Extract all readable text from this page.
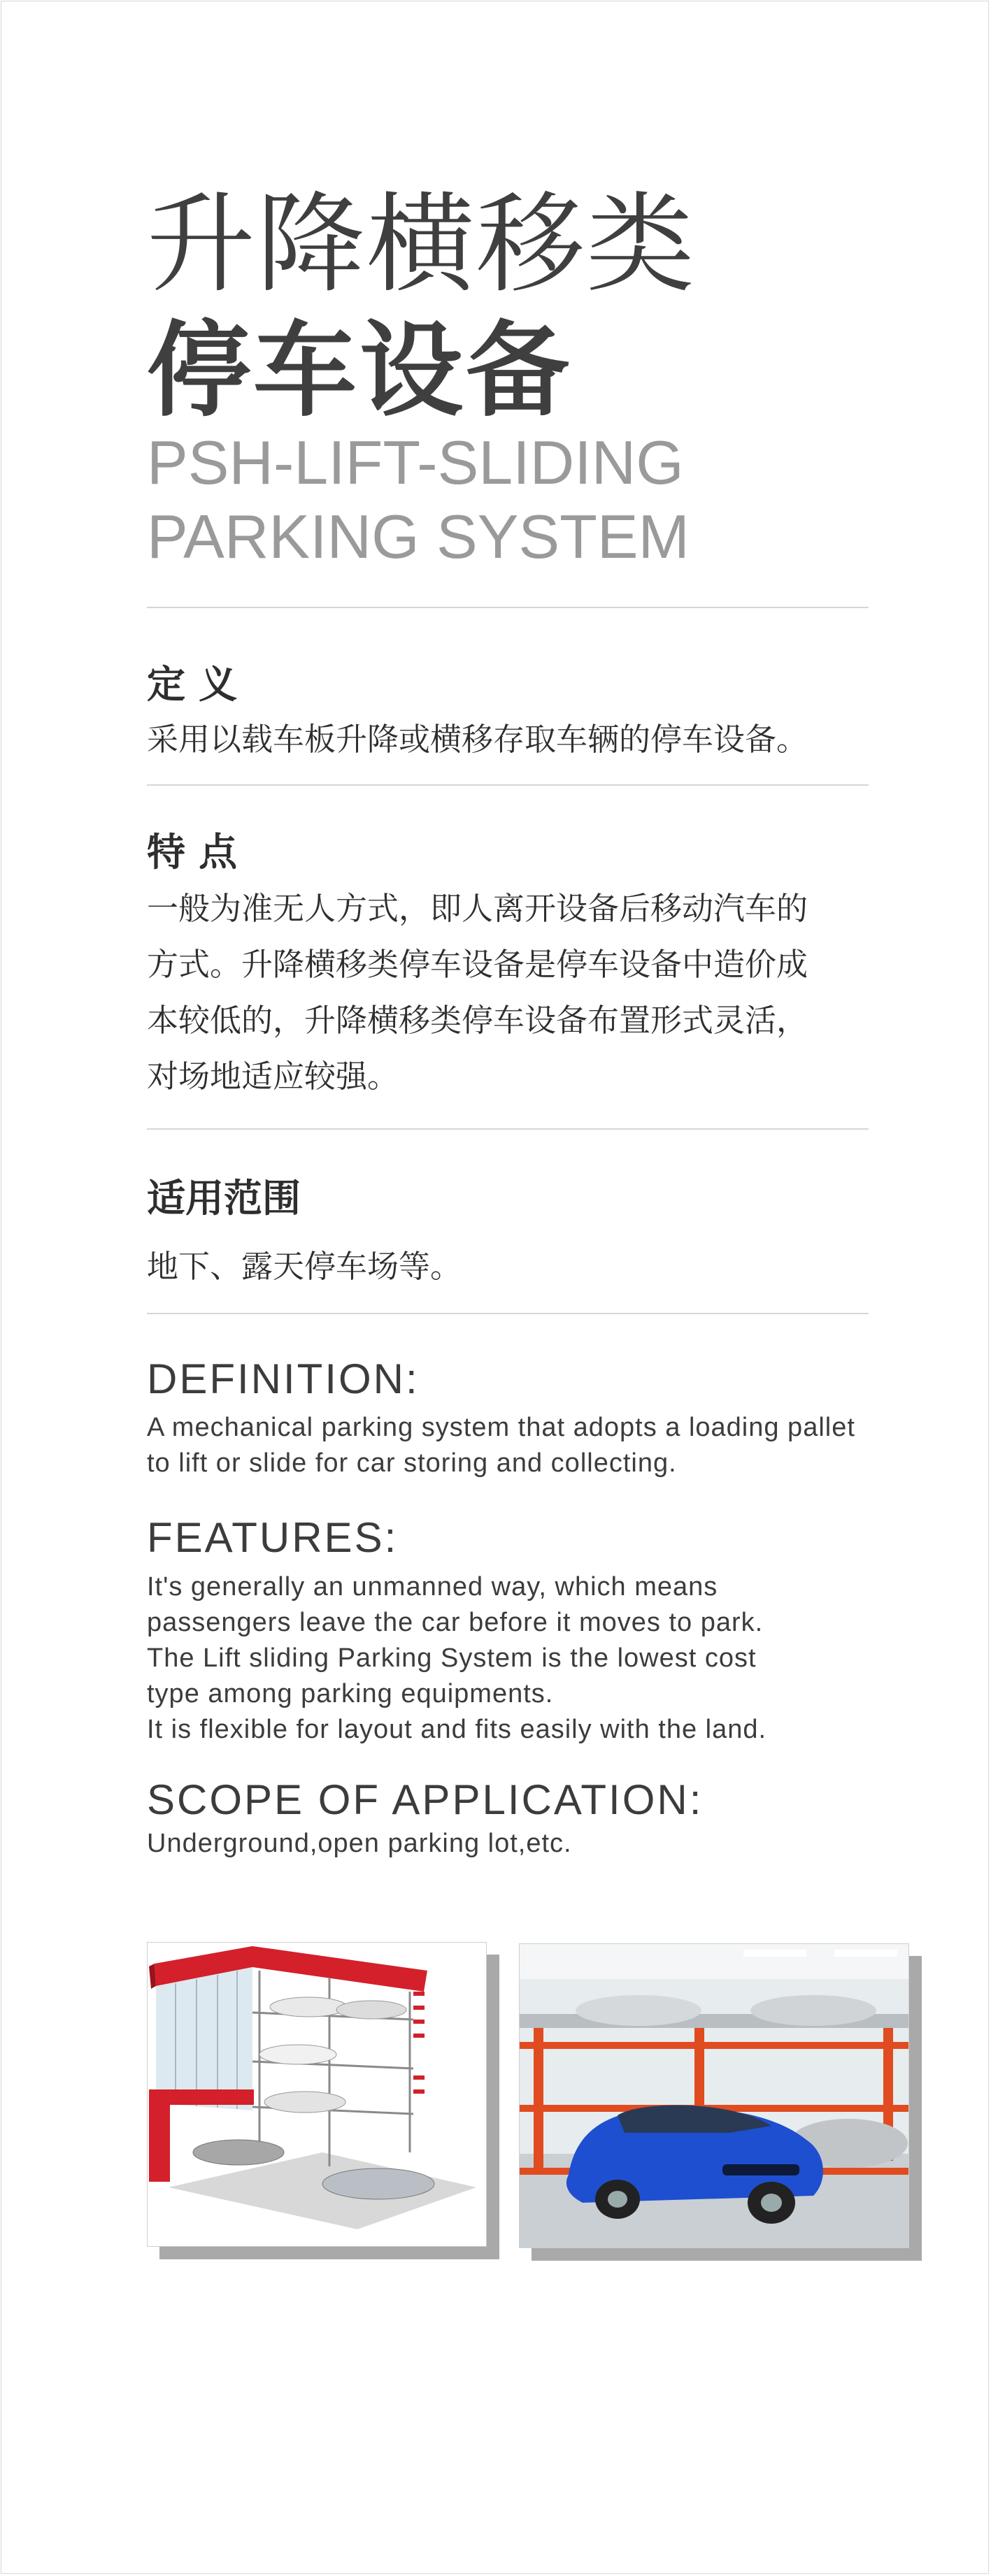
升降横移类
停车设备
PSH-LIFT-SLIDING
PARKING SYSTEM
定 义
采用以载车板升降或横移存取车辆的停车设备。
特 点
一般为准无人方式，即人离开设备后移动汽车的
方式。升降横移类停车设备是停车设备中造价成
本较低的，升降横移类停车设备布置形式灵活，
对场地适应较强。
适用范围
地下、露天停车场等。
DEFINITION:
A mechanical parking system that adopts a loading pallet
to lift or slide for car storing and collecting.
FEATURES:
It's generally an unmanned way, which means
passengers leave the car before it moves to park.
The Lift sliding Parking System is the lowest cost
type among parking equipments.
It is flexible for layout and fits easily with the land.
SCOPE OF APPLICATION:
Underground,open parking lot,etc.
